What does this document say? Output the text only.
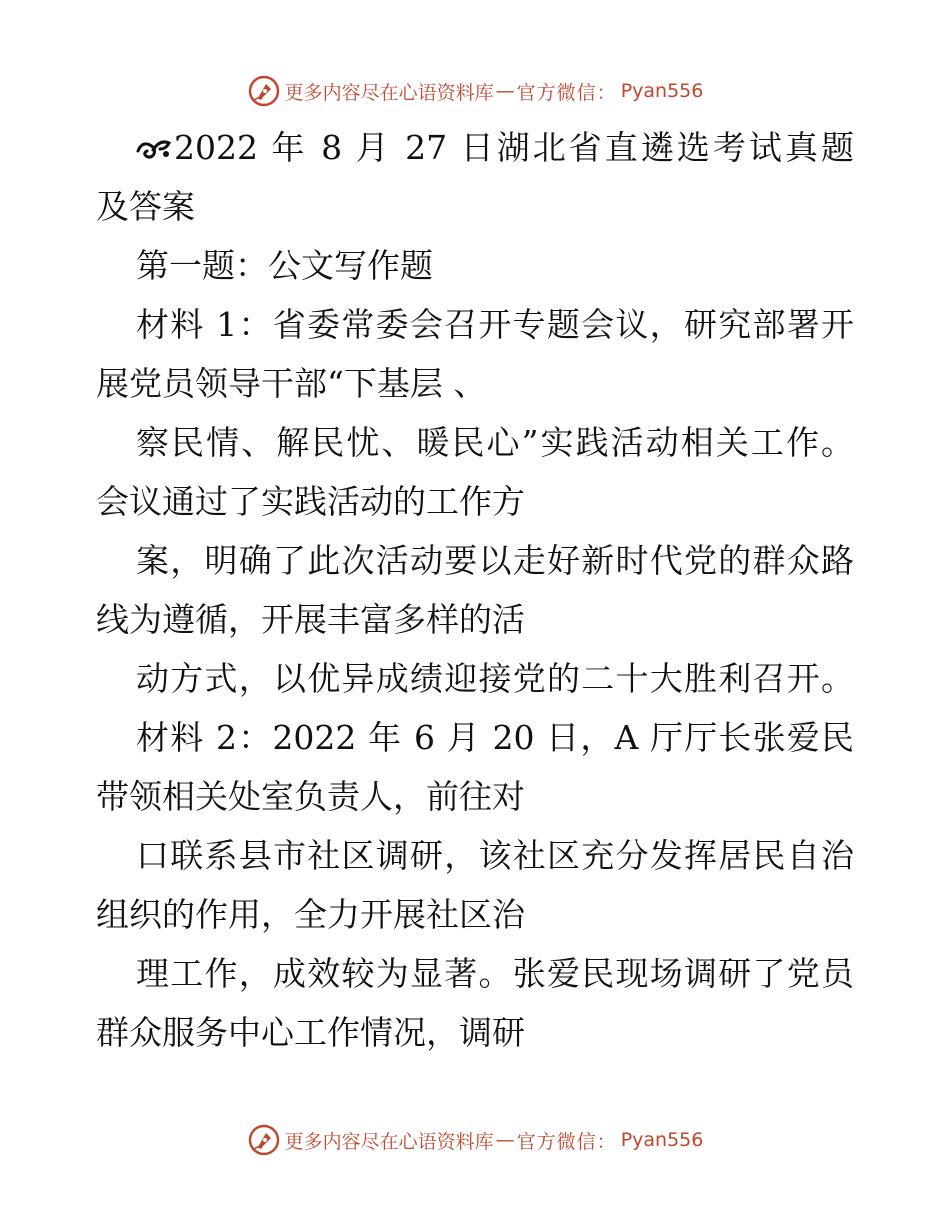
更多内容尽在心语资料库 — 官方微信： Pyan556
2022 年 8 月 27 日湖北省直遴选考试真题
及答案
第一题：公文写作题
材料 1：省委常委会召开专题会议，研究部署开
展党员领导干部“下基层 、
察民情、解民忧、暖民心”实践活动相关工作。
会议通过了实践活动的工作方
案，明确了此次活动要以走好新时代党的群众路
线为遵循，开展丰富多样的活
动方式，以优异成绩迎接党的二十大胜利召开。
材料 2：2022 年 6 月 20 日，A 厅厅长张爱民
带领相关处室负责人，前往对
口联系县市社区调研，该社区充分发挥居民自治
组织的作用，全力开展社区治
理工作，成效较为显著。张爱民现场调研了党员
群众服务中心工作情况，调研
更多内容尽在心语资料库 — 官方微信： Pyan556
